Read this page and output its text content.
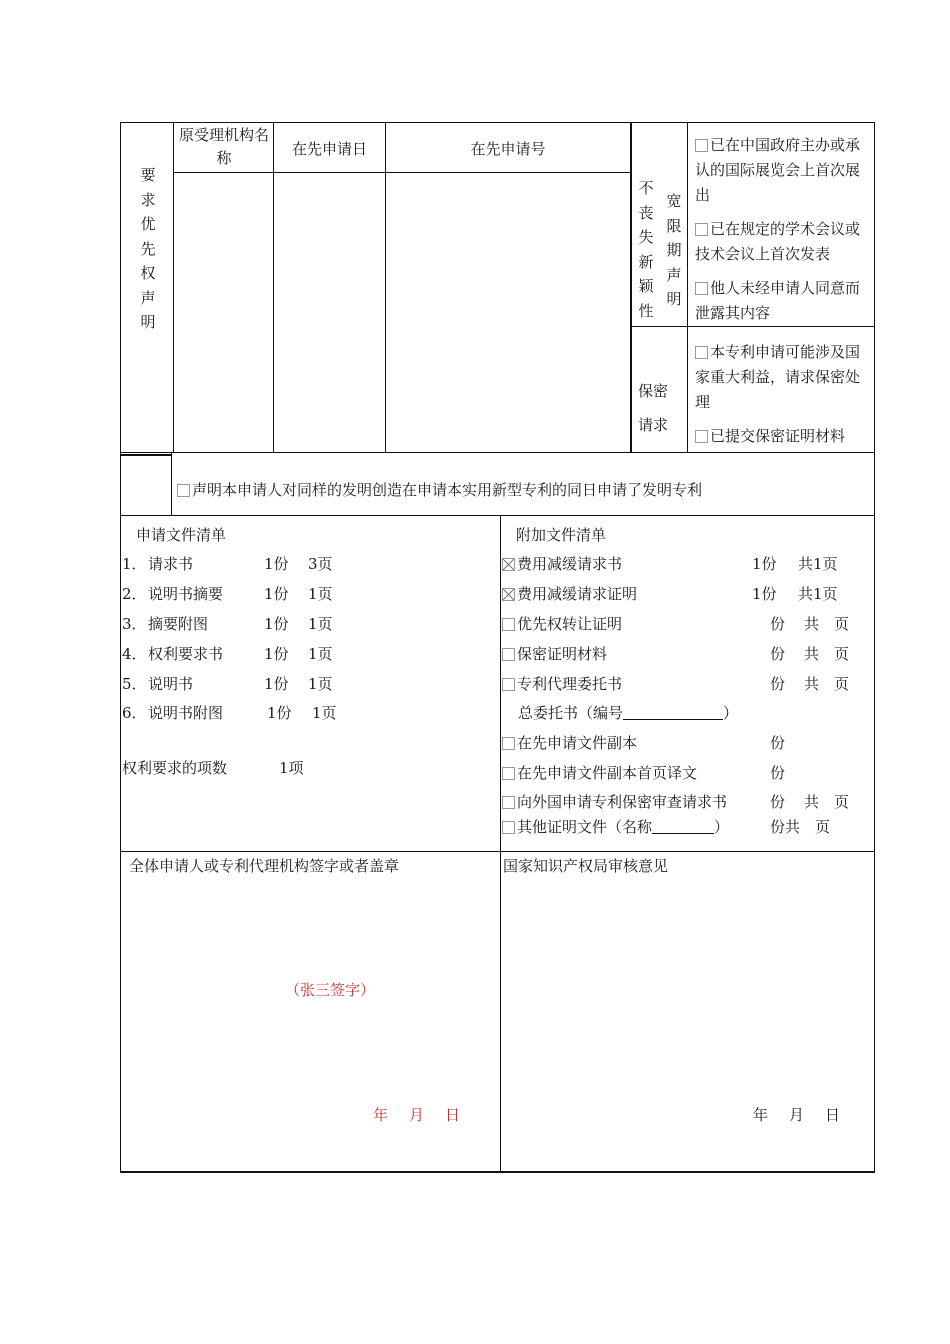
要求优先权声明
原受理机构名称	在先申请日	在先申请号
不丧失新颖性
宽限期声明
已在中国政府主办或承认的国际展览会上首次展出
已在规定的学术会议或技术会议上首次发表
他人未经申请人同意而泄露其内容
保密
请求
本专利申请可能涉及国家重大利益，请求保密处理
已提交保密证明材料
声明本申请人对同样的发明创造在申请本实用新型专利的同日申请了发明专利
申请文件清单
1． 请求书	1份 3页
2． 说明书摘要	1份 1页
3． 摘要附图	1份 1页
4． 权利要求书	1份 1页
5． 说明书	1份 1页
6． 说明书附图	1份 1页
权利要求的项数	1项
附加文件清单
费用减缓请求书	1份 共1页
费用减缓请求证明	1份 共1页
优先权转让证明	份 共　页
保密证明材料	份 共　页
专利代理委托书	份 共　页
总委托书（编号	）
在先申请文件副本	份
在先申请文件副本首页译文	份
向外国申请专利保密审查请求书	份 共　页
其他证明文件（名称	）	份共　页
全体申请人或专利代理机构签字或者盖章
（张三签字）
年　月　日
国家知识产权局审核意见
年　月　日
